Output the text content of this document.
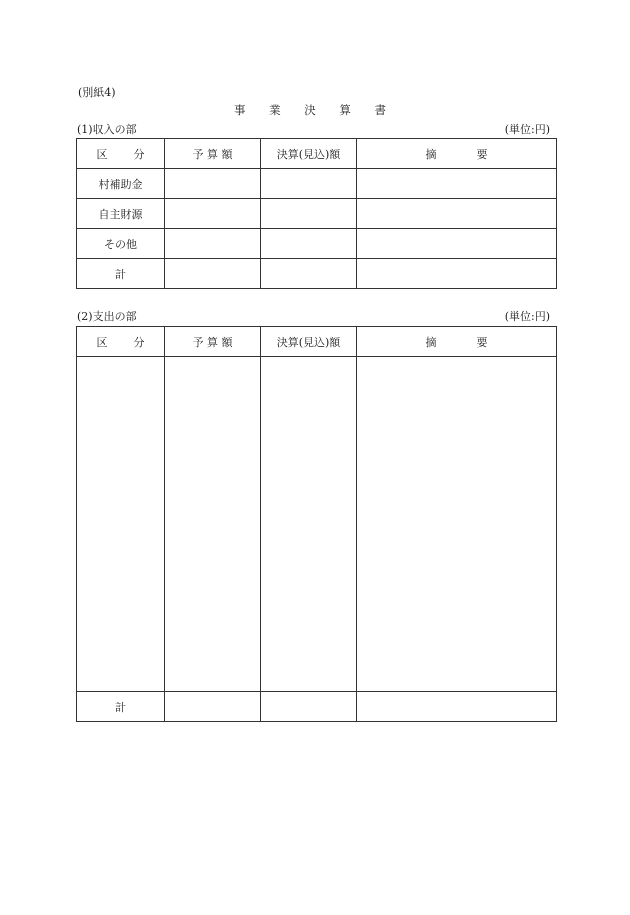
(別紙4)
事 業 決 算 書
(1)収入の部	(単位:円)
区 分	予 算 額	決算(見込)額	摘 要
村補助金			
自主財源			
その他			
計			
(2)支出の部	(単位:円)
区 分	予 算 額	決算(見込)額	摘 要

計			
